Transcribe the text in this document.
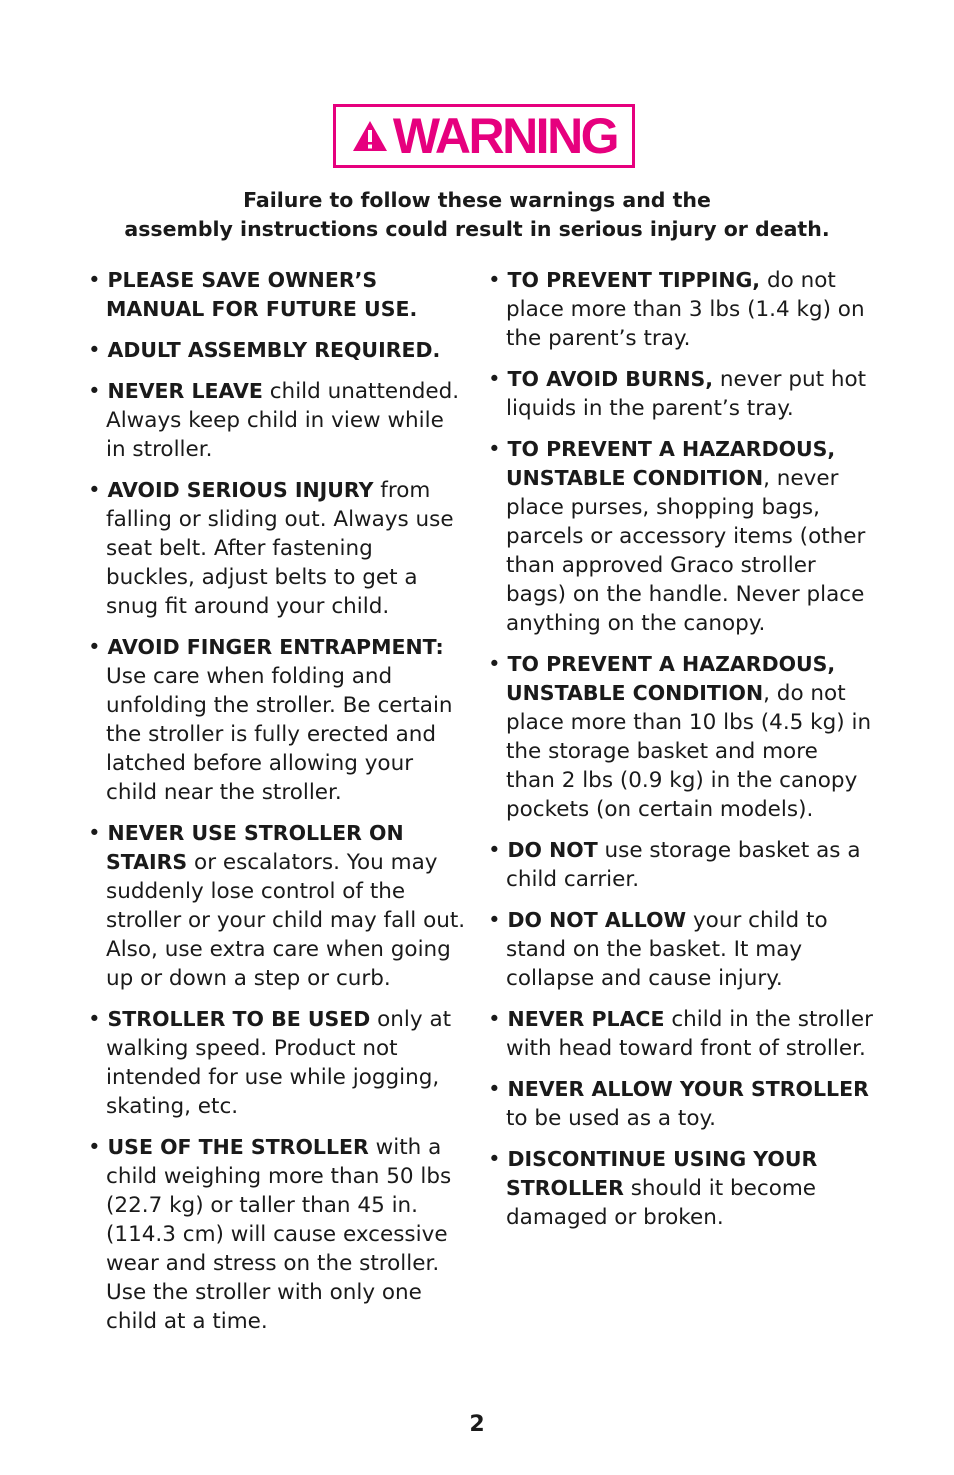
WARNING
Failure to follow these warnings and the
assembly instructions could result in serious injury or death.
• PLEASE SAVE OWNER’S MANUAL FOR FUTURE USE.
• ADULT ASSEMBLY REQUIRED.
• NEVER LEAVE child unattended. Always keep child in view while in stroller.
• AVOID SERIOUS INJURY from falling or sliding out. Always use seat belt. After fastening buckles, adjust belts to get a snug fit around your child.
• AVOID FINGER ENTRAPMENT: Use care when folding and unfolding the stroller. Be certain the stroller is fully erected and latched before allowing your child near the stroller.
• NEVER USE STROLLER ON STAIRS or escalators. You may suddenly lose control of the stroller or your child may fall out. Also, use extra care when going up or down a step or curb.
• STROLLER TO BE USED only at walking speed. Product not intended for use while jogging, skating, etc.
• USE OF THE STROLLER with a child weighing more than 50 lbs (22.7 kg) or taller than 45 in. (114.3 cm) will cause excessive wear and stress on the stroller. Use the stroller with only one child at a time.
• TO PREVENT TIPPING, do not place more than 3 lbs (1.4 kg) on the parent’s tray.
• TO AVOID BURNS, never put hot liquids in the parent’s tray.
• TO PREVENT A HAZARDOUS, UNSTABLE CONDITION, never place purses, shopping bags, parcels or accessory items (other than approved Graco stroller bags) on the handle. Never place anything on the canopy.
• TO PREVENT A HAZARDOUS, UNSTABLE CONDITION, do not place more than 10 lbs (4.5 kg) in the storage basket and more than 2 lbs (0.9 kg) in the canopy pockets (on certain models).
• DO NOT use storage basket as a child carrier.
• DO NOT ALLOW your child to stand on the basket. It may collapse and cause injury.
• NEVER PLACE child in the stroller with head toward front of stroller.
• NEVER ALLOW YOUR STROLLER to be used as a toy.
• DISCONTINUE USING YOUR STROLLER should it become damaged or broken.
2
